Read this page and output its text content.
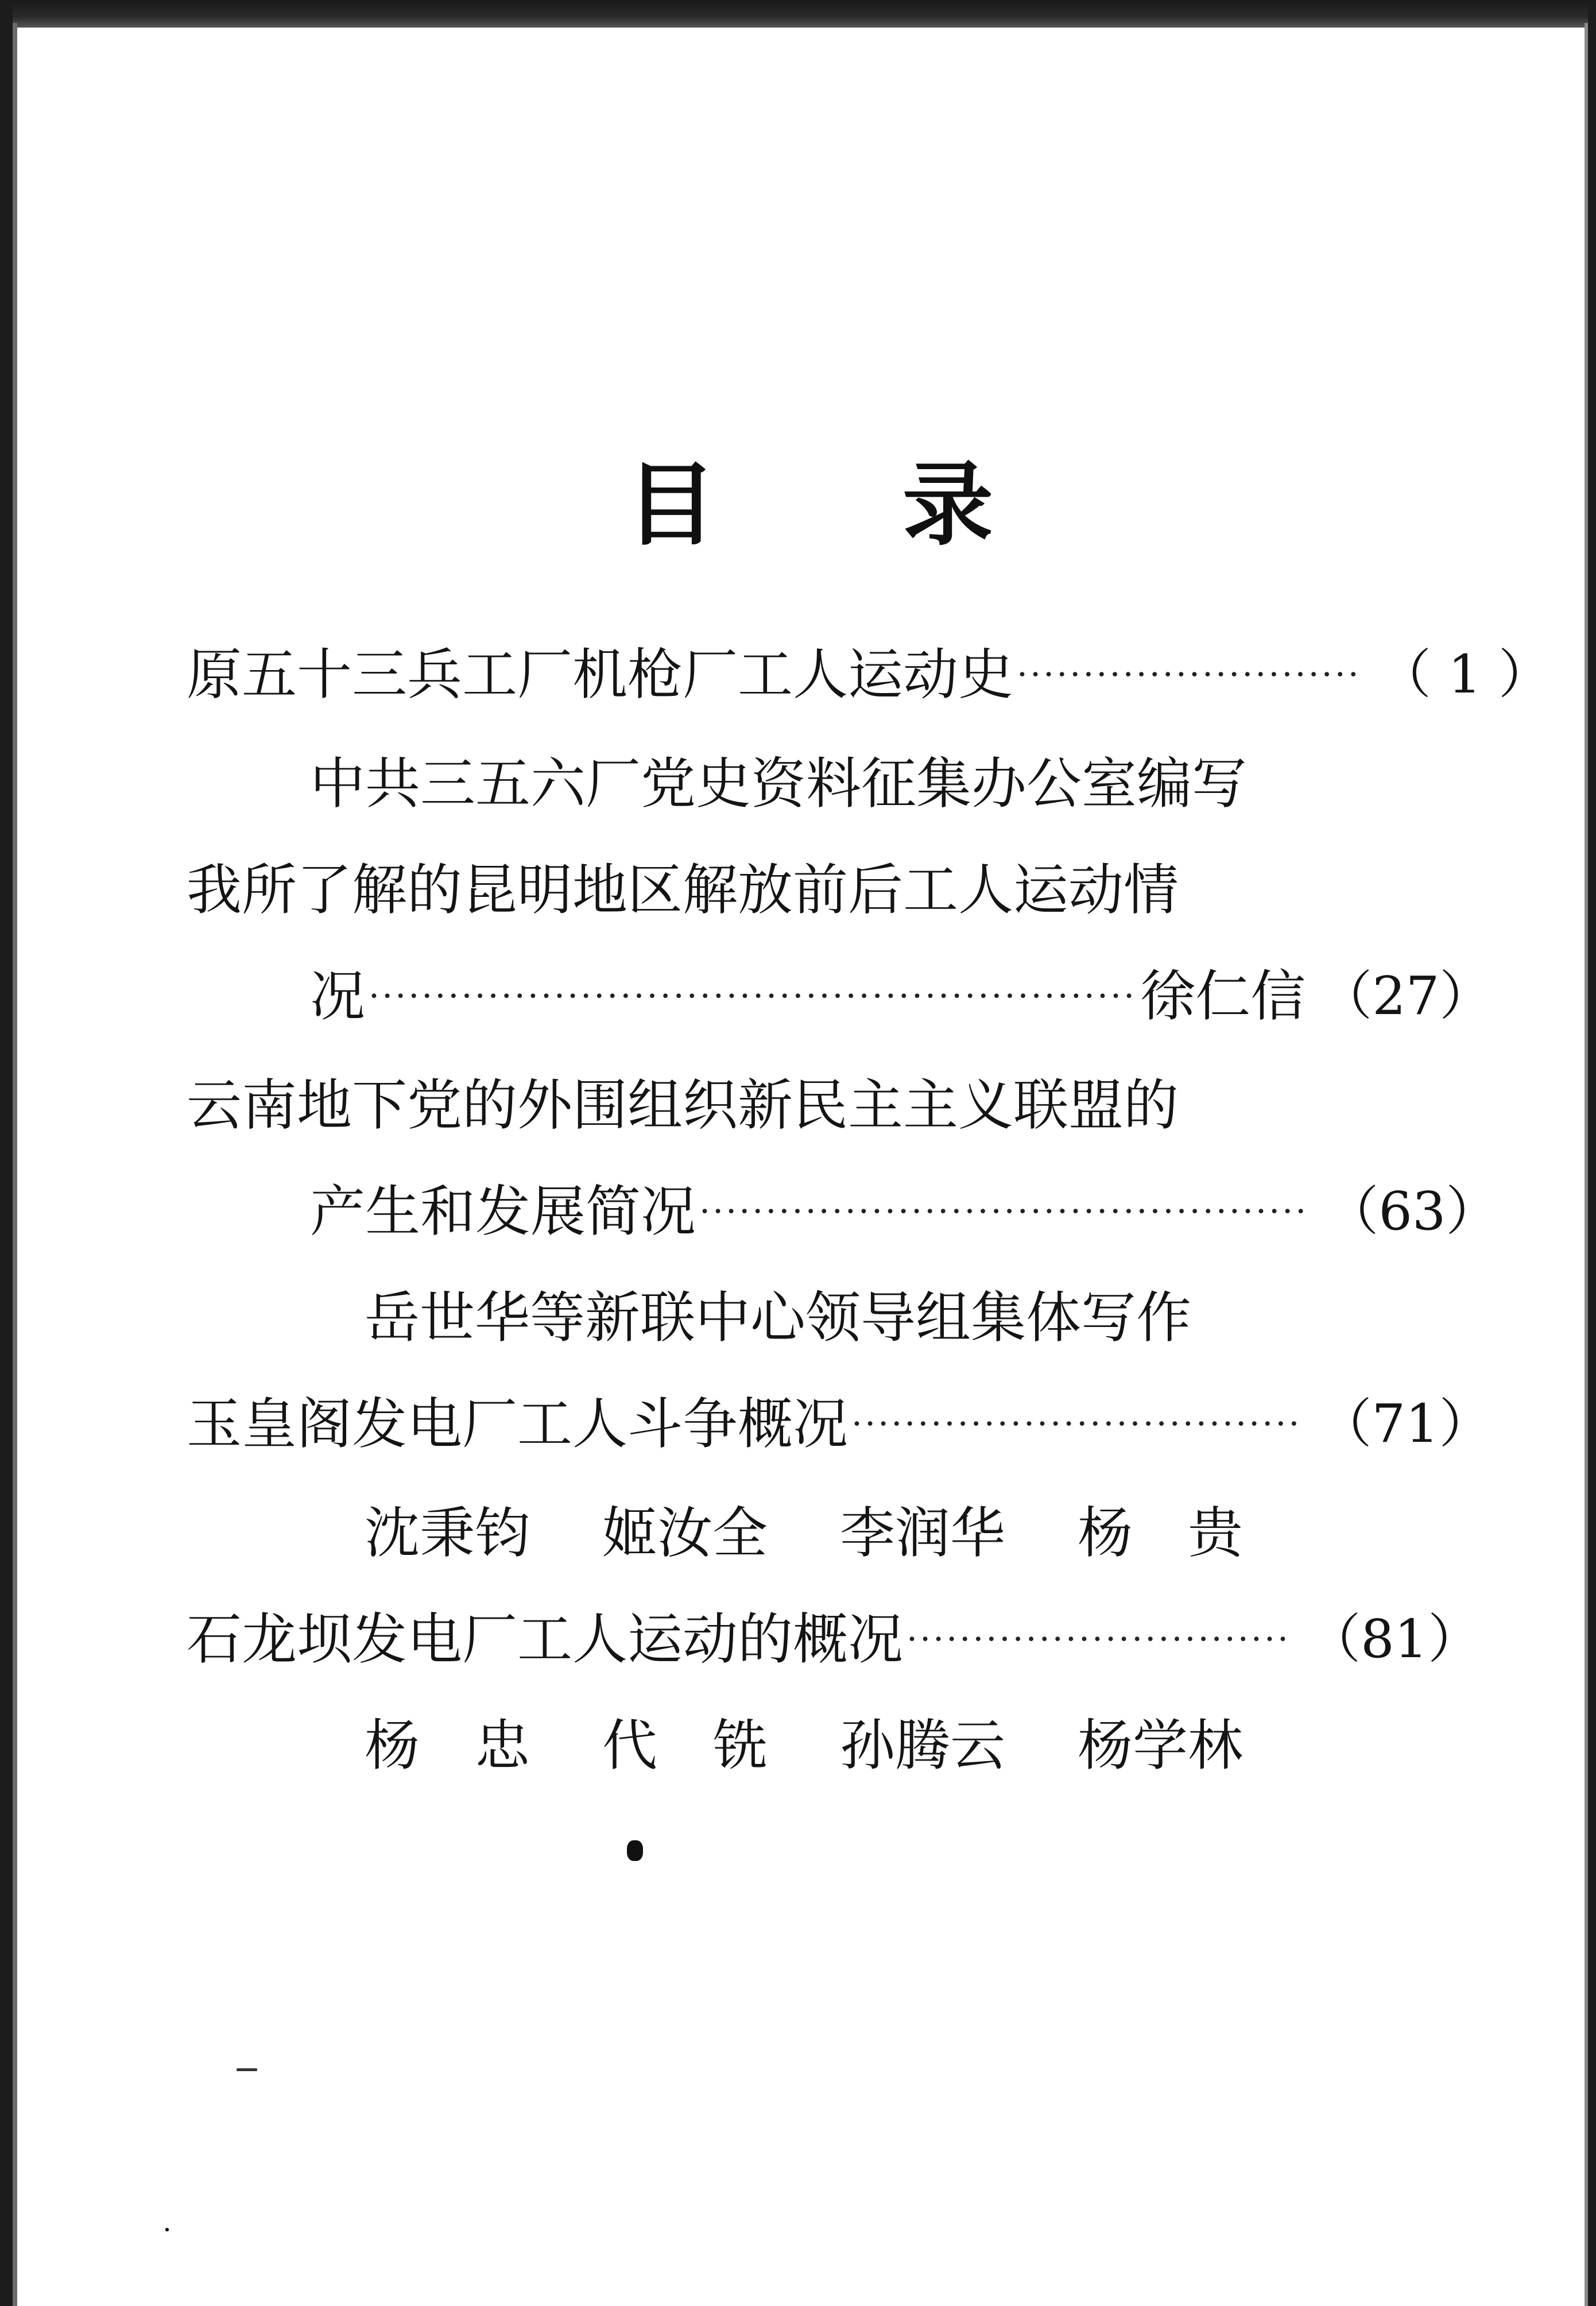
目 录
原五十三兵工厂机枪厂工人运动史 ·························· （ 1 ）
中共三五六厂党史资料征集办公室编写
我所了解的昆明地区解放前后工人运动情
况 ·························································· 徐仁信 （27）
云南地下党的外围组织新民主主义联盟的
产生和发展简况 ·············································· （63）
岳世华等新联中心领导组集体写作
玉皇阁发电厂工人斗争概况 ·································· （71）
沈秉钧 姬汝全 李润华 杨　贵
石龙坝发电厂工人运动的概况 ····························· （81）
杨　忠 代　铣 孙腾云 杨学林
